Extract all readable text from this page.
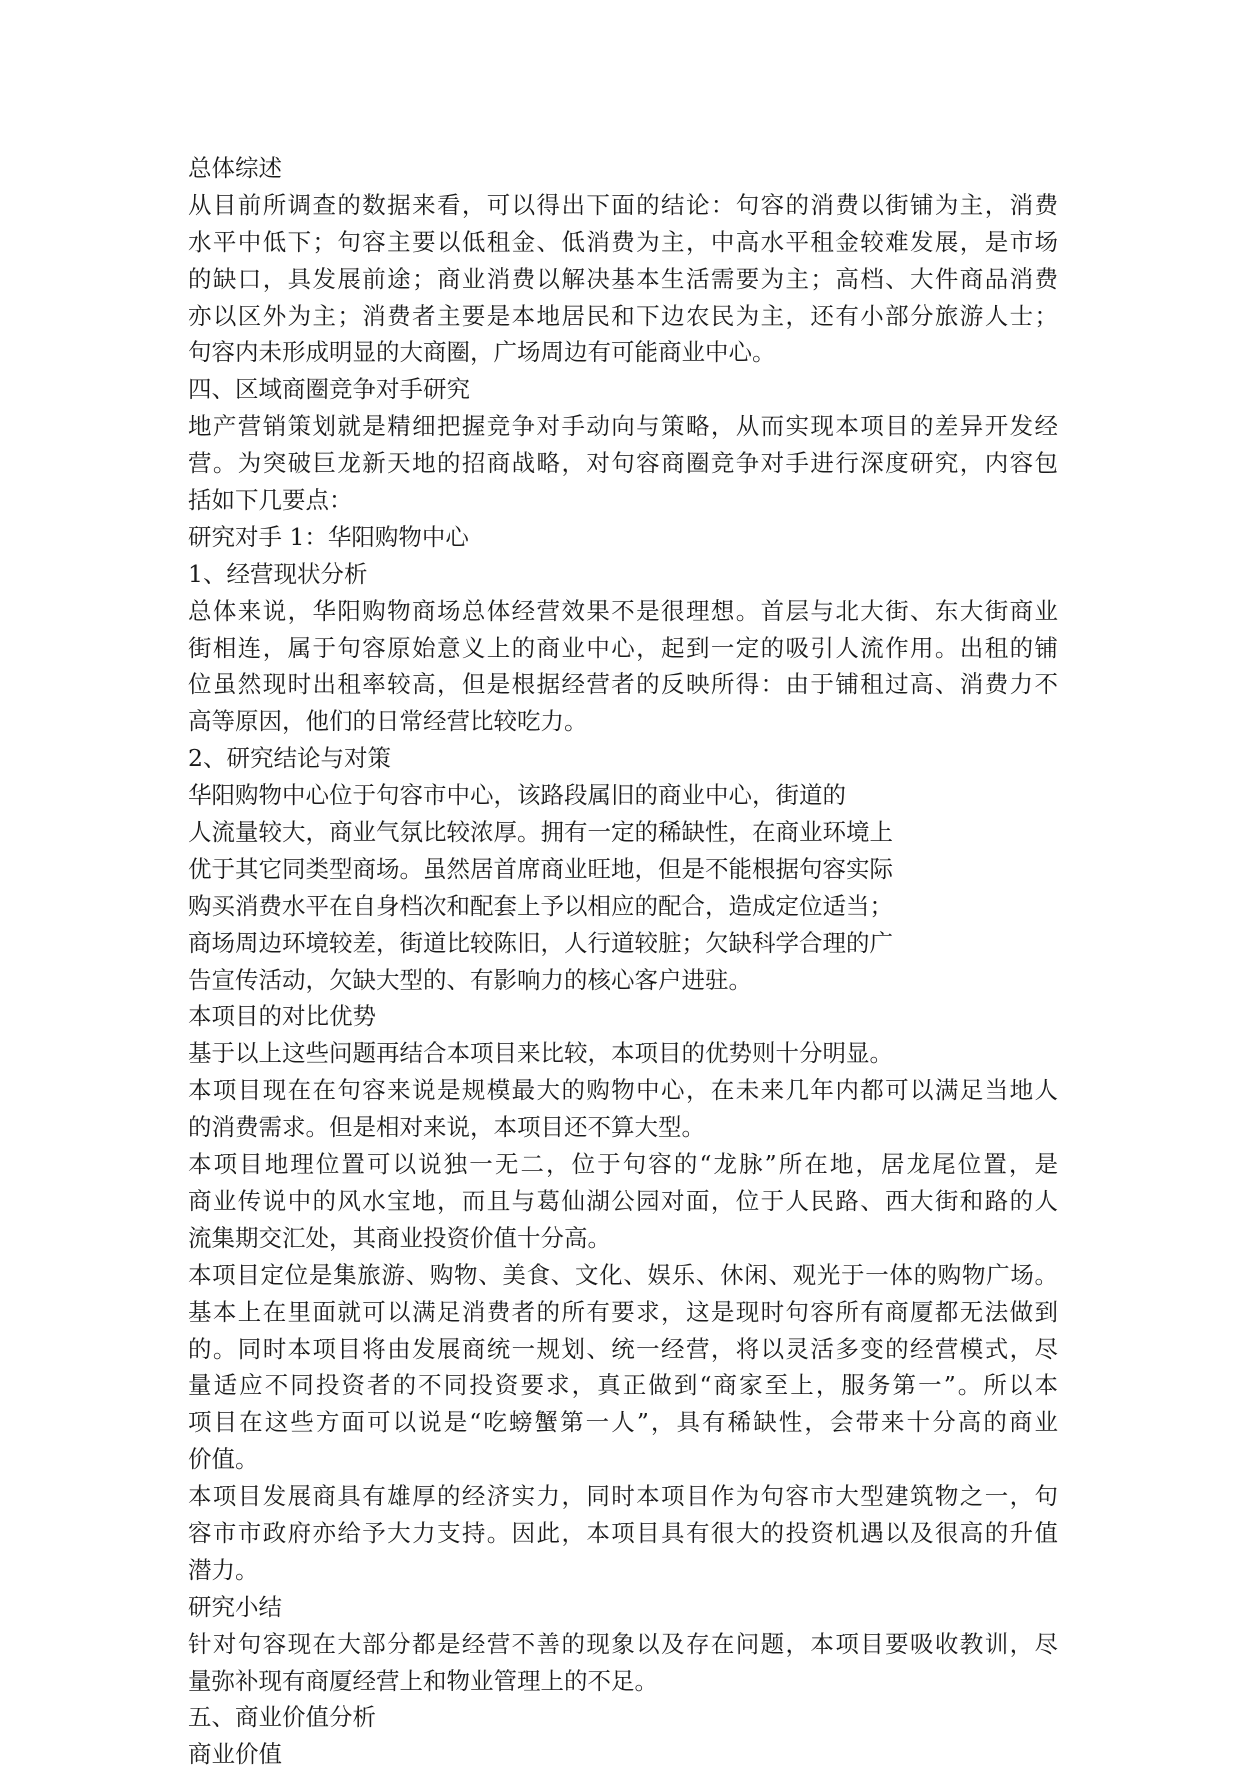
总体综述
从目前所调查的数据来看，可以得出下面的结论：句容的消费以街铺为主，消费
水平中低下；句容主要以低租金、低消费为主，中高水平租金较难发展，是市场
的缺口，具发展前途；商业消费以解决基本生活需要为主；高档、大件商品消费
亦以区外为主；消费者主要是本地居民和下边农民为主，还有小部分旅游人士；
句容内未形成明显的大商圈，广场周边有可能商业中心。
四、区域商圈竞争对手研究
地产营销策划就是精细把握竞争对手动向与策略，从而实现本项目的差异开发经
营。为突破巨龙新天地的招商战略，对句容商圈竞争对手进行深度研究，内容包
括如下几要点：
研究对手 1：华阳购物中心
1、经营现状分析
总体来说，华阳购物商场总体经营效果不是很理想。首层与北大街、东大街商业
街相连，属于句容原始意义上的商业中心，起到一定的吸引人流作用。出租的铺
位虽然现时出租率较高，但是根据经营者的反映所得：由于铺租过高、消费力不
高等原因，他们的日常经营比较吃力。
2、研究结论与对策
华阳购物中心位于句容市中心，该路段属旧的商业中心，街道的
人流量较大，商业气氛比较浓厚。拥有一定的稀缺性，在商业环境上
优于其它同类型商场。虽然居首席商业旺地，但是不能根据句容实际
购买消费水平在自身档次和配套上予以相应的配合，造成定位适当；
商场周边环境较差，街道比较陈旧，人行道较脏；欠缺科学合理的广
告宣传活动，欠缺大型的、有影响力的核心客户进驻。
本项目的对比优势
基于以上这些问题再结合本项目来比较，本项目的优势则十分明显。
本项目现在在句容来说是规模最大的购物中心，在未来几年内都可以满足当地人
的消费需求。但是相对来说，本项目还不算大型。
本项目地理位置可以说独一无二，位于句容的“龙脉”所在地，居龙尾位置，是
商业传说中的风水宝地，而且与葛仙湖公园对面，位于人民路、西大街和路的人
流集期交汇处，其商业投资价值十分高。
本项目定位是集旅游、购物、美食、文化、娱乐、休闲、观光于一体的购物广场。
基本上在里面就可以满足消费者的所有要求，这是现时句容所有商厦都无法做到
的。同时本项目将由发展商统一规划、统一经营，将以灵活多变的经营模式，尽
量适应不同投资者的不同投资要求，真正做到“商家至上，服务第一”。所以本
项目在这些方面可以说是“吃螃蟹第一人”，具有稀缺性，会带来十分高的商业
价值。
本项目发展商具有雄厚的经济实力，同时本项目作为句容市大型建筑物之一，句
容市市政府亦给予大力支持。因此，本项目具有很大的投资机遇以及很高的升值
潜力。
研究小结
针对句容现在大部分都是经营不善的现象以及存在问题，本项目要吸收教训，尽
量弥补现有商厦经营上和物业管理上的不足。
五、商业价值分析
商业价值
